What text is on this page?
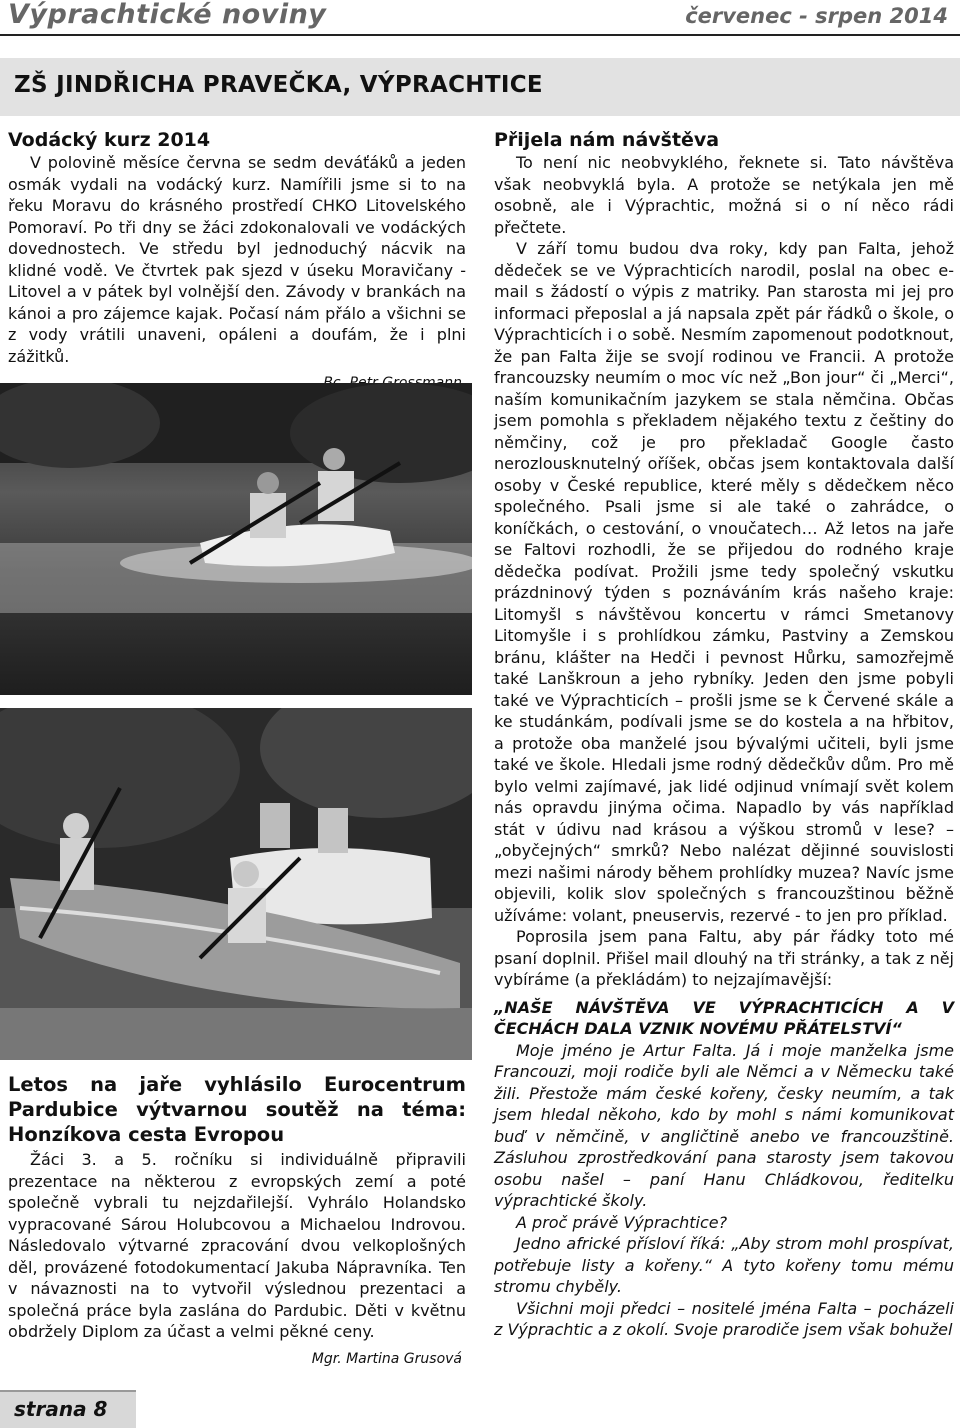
Výprachtické noviny	červenec - srpen 2014
ZŠ JINDŘICHA PRAVEČKA, VÝPRACHTICE
Vodácký kurz 2014

V polovině měsíce června se sedm deváťáků a jeden osmák vydali na vodácký kurz. Namířili jsme si to na řeku Moravu do krásného prostředí CHKO Litovelského Pomoraví. Po tři dny se žáci zdokonalovali ve vodáckých dovednostech. Ve středu byl jednoduchý nácvik na klidné vodě. Ve čtvrtek pak sjezd v úseku Moravičany - Litovel a v pátek byl volnější den. Závody v brankách na kánoi a pro zájemce kajak. Počasí nám přálo a všichni se z vody vrátili unaveni, opáleni a doufám, že i plni zážitků.

Letos na jaře vyhlásilo Eurocentrum Pardubice výtvarnou soutěž na téma: Honzíkova cesta Evropou

Žáci 3. a 5. ročníku si individuálně připravili prezentace na některou z evropských zemí a poté společně vybrali tu nejzdařilejší. Vyhrálo Holandsko vypracované Sárou Holubcovou a Michaelou Indrovou. Následovalo výtvarné zpracování dvou velkoplošných děl, provázené fotodokumentací Jakuba Nápravníka. Ten v návaznosti na to vytvořil výslednou prezentaci a společná práce byla zaslána do Pardubic. Děti v květnu obdržely Diplom za účast a velmi pěkné ceny.

Mgr. Martina Grusová
Přijela nám návštěva

To není nic neobvyklého, řeknete si. Tato návštěva však neobvyklá byla. A protože se netýkala jen mě osobně, ale i Výprachtic, možná si o ní něco rádi přečtete.

V září tomu budou dva roky, kdy pan Falta, jehož dědeček se ve Výprachticích narodil, poslal na obec e-mail s žádostí o výpis z matriky. Pan starosta mi jej pro informaci přeposlal a já napsala zpět pár řádků o škole, o Výprachticích i o sobě. Nesmím zapomenout podotknout, že pan Falta žije se svojí rodinou ve Francii. A protože francouzsky neumím o moc víc než „Bon jour“ či „Merci“, naším komunikačním jazykem se stala němčina. Občas jsem pomohla s překladem nějakého textu z češtiny do němčiny, což je pro překladač Google často nerozlousknutelný oříšek, občas jsem kontaktovala další osoby v České republice, které měly s dědečkem něco společného. Psali jsme si ale také o zahrádce, o koníčkách, o cestování, o vnoučatech… Až letos na jaře se Faltovi rozhodli, že se přijedou do rodného kraje dědečka podívat. Prožili jsme tedy společný vskutku prázdninový týden s poznáváním krás našeho kraje: Litomyšl s návštěvou koncertu v rámci Smetanovy Litomyšle i s prohlídkou zámku, Pastviny a Zemskou bránu, klášter na Hedči i pevnost Hůrku, samozřejmě také Lanškroun a jeho rybníky. Jeden den jsme pobyli také ve Výprachticích – prošli jsme se k Červené skále a ke studánkám, podívali jsme se do kostela a na hřbitov, a protože oba manželé jsou bývalými učiteli, byli jsme také ve škole. Hledali jsme rodný dědečkův dům. Pro mě bylo velmi zajímavé, jak lidé odjinud vnímají svět kolem nás opravdu jinýma očima. Napadlo by vás například stát v údivu nad krásou a výškou stromů v lese? – „obyčejných“ smrků? Nebo nalézat dějinné souvislosti mezi našimi národy během prohlídky muzea? Navíc jsme objevili, kolik slov společných s francouzštinou běžně užíváme: volant, pneuservis, rezervé - to jen pro příklad.

Poprosila jsem pana Faltu, aby pár řádky toto mé psaní doplnil. Přišel mail dlouhý na tři stránky, a tak z něj vybíráme (a překládám) to nejzajímavější:

„NAŠE NÁVŠTĚVA VE VÝPRACHTICÍCH A V ČECHÁCH DALA VZNIK NOVÉMU PŘÁTELSTVÍ“

Moje jméno je Artur Falta. Já i moje manželka jsme Francouzi, moji rodiče byli ale Němci a v Německu také žili. Přestože mám české kořeny, česky neumím, a tak jsem hledal někoho, kdo by mohl s námi komunikovat buď v němčině, v angličtině anebo ve francouzštině. Zásluhou zprostředkování pana starosty jsem takovou osobu našel – paní Hanu Chládkovou, ředitelku výprachtické školy.

A proč právě Výprachtice?

Jedno africké přísloví říká: „Aby strom mohl prospívat, potřebuje listy a kořeny.“ A tyto kořeny tomu mému stromu chyběly.

Všichni moji předci – nositelé jména Falta – pocházeli z Výprachtic a z okolí. Svoje prarodiče jsem však bohužel

strana 8
